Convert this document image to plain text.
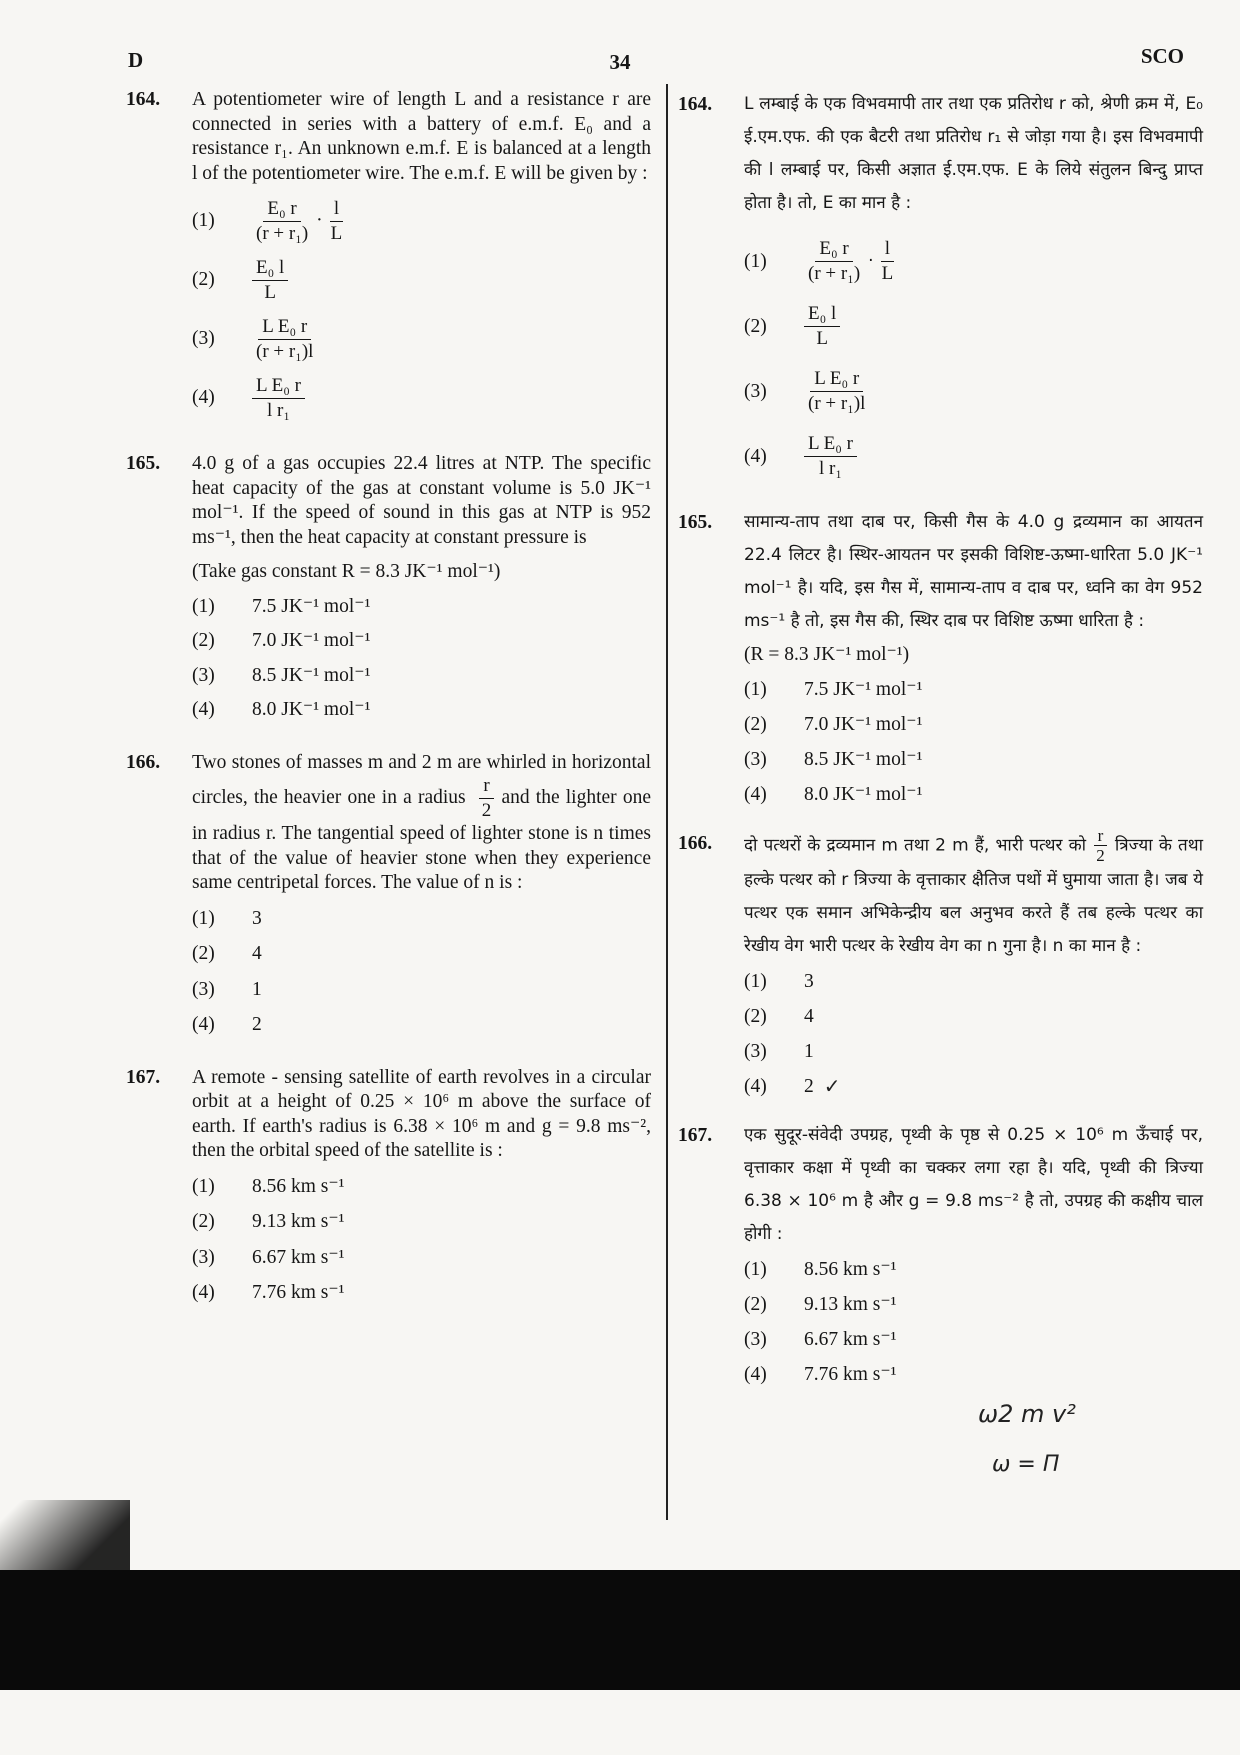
D	34	SCO
164. A potentiometer wire of length L and a resistance r are connected in series with a battery of e.m.f. E₀ and a resistance r₁. An unknown e.m.f. E is balanced at a length l of the potentiometer wire. The e.m.f. E will be given by :
(1)	$\frac{\text{E₀ r}}{\text{(r + r₁)}} \cdot \frac{l}{L}$
(2)	$\frac{\text{E₀ l}}{L}$
(3)	$\frac{\text{L E₀ r}}{\text{(r + r₁)l}}$
(4)	$\frac{\text{L E₀ r}}{\text{l r₁}}$
165. 4.0 g of a gas occupies 22.4 litres at NTP. The specific heat capacity of the gas at constant volume is 5.0 JK⁻¹ mol⁻¹. If the speed of sound in this gas at NTP is 952 ms⁻¹, then the heat capacity at constant pressure is
(Take gas constant R = 8.3 JK⁻¹ mol⁻¹)
(1)	7.5 JK⁻¹ mol⁻¹
(2)	7.0 JK⁻¹ mol⁻¹
(3)	8.5 JK⁻¹ mol⁻¹
(4)	8.0 JK⁻¹ mol⁻¹
166. Two stones of masses m and 2 m are whirled in horizontal circles, the heavier one in a radius $\frac{r}{2}$ and the lighter one in radius r. The tangential speed of lighter stone is n times that of the value of heavier stone when they experience same centripetal forces. The value of n is :
(1)	3
(2)	4
(3)	1
(4)	2
167. A remote - sensing satellite of earth revolves in a circular orbit at a height of 0.25 × 10⁶ m above the surface of earth. If earth's radius is 6.38 × 10⁶ m and g = 9.8 ms⁻², then the orbital speed of the satellite is :
(1)	8.56 km s⁻¹
(2)	9.13 km s⁻¹
(3)	6.67 km s⁻¹
(4)	7.76 km s⁻¹
164. L लम्बाई के एक विभवमापी तार तथा एक प्रतिरोध r को, श्रेणी क्रम में, E₀ ई.एम.एफ. की एक बैटरी तथा प्रतिरोध r₁ से जोड़ा गया है। इस विभवमापी की l लम्बाई पर, किसी अज्ञात ई.एम.एफ. E के लिये संतुलन बिन्दु प्राप्त होता है। तो, E का मान है :
(1)	$\frac{\text{E₀ r}}{\text{(r + r₁)}} \cdot \frac{l}{L}$
(2)	$\frac{\text{E₀ l}}{L}$
(3)	$\frac{\text{L E₀ r}}{\text{(r + r₁)l}}$
(4)	$\frac{\text{L E₀ r}}{\text{l r₁}}$
165. सामान्य-ताप तथा दाब पर, किसी गैस के 4.0 g द्रव्यमान का आयतन 22.4 लिटर है। स्थिर-आयतन पर इसकी विशिष्ट-ऊष्मा-धारिता 5.0 JK⁻¹ mol⁻¹ है। यदि, इस गैस में, सामान्य-ताप व दाब पर, ध्वनि का वेग 952 ms⁻¹ है तो, इस गैस की, स्थिर दाब पर विशिष्ट ऊष्मा धारिता है :
(R = 8.3 JK⁻¹ mol⁻¹)
(1)	7.5 JK⁻¹ mol⁻¹
(2)	7.0 JK⁻¹ mol⁻¹
(3)	8.5 JK⁻¹ mol⁻¹
(4)	8.0 JK⁻¹ mol⁻¹
166. दो पत्थरों के द्रव्यमान m तथा 2 m हैं, भारी पत्थर को $\frac{r}{2}$ त्रिज्या के तथा हल्के पत्थर को r त्रिज्या के वृत्ताकार क्षैतिज पथों में घुमाया जाता है। जब ये पत्थर एक समान अभिकेन्द्रीय बल अनुभव करते हैं तब हल्के पत्थर का रेखीय वेग भारी पत्थर के रेखीय वेग का n गुना है। n का मान है :
(1)	3
(2)	4
(3)	1
(4)	2 ✓
167. एक सुदूर-संवेदी उपग्रह, पृथ्वी के पृष्ठ से 0.25 × 10⁶ m ऊँचाई पर, वृत्ताकार कक्षा में पृथ्वी का चक्कर लगा रहा है। यदि, पृथ्वी की त्रिज्या 6.38 × 10⁶ m है और g = 9.8 ms⁻² है तो, उपग्रह की कक्षीय चाल होगी :
(1)	8.56 km s⁻¹
(2)	9.13 km s⁻¹
(3)	6.67 km s⁻¹
(4)	7.76 km s⁻¹
ω2 m v²
ω = Π
